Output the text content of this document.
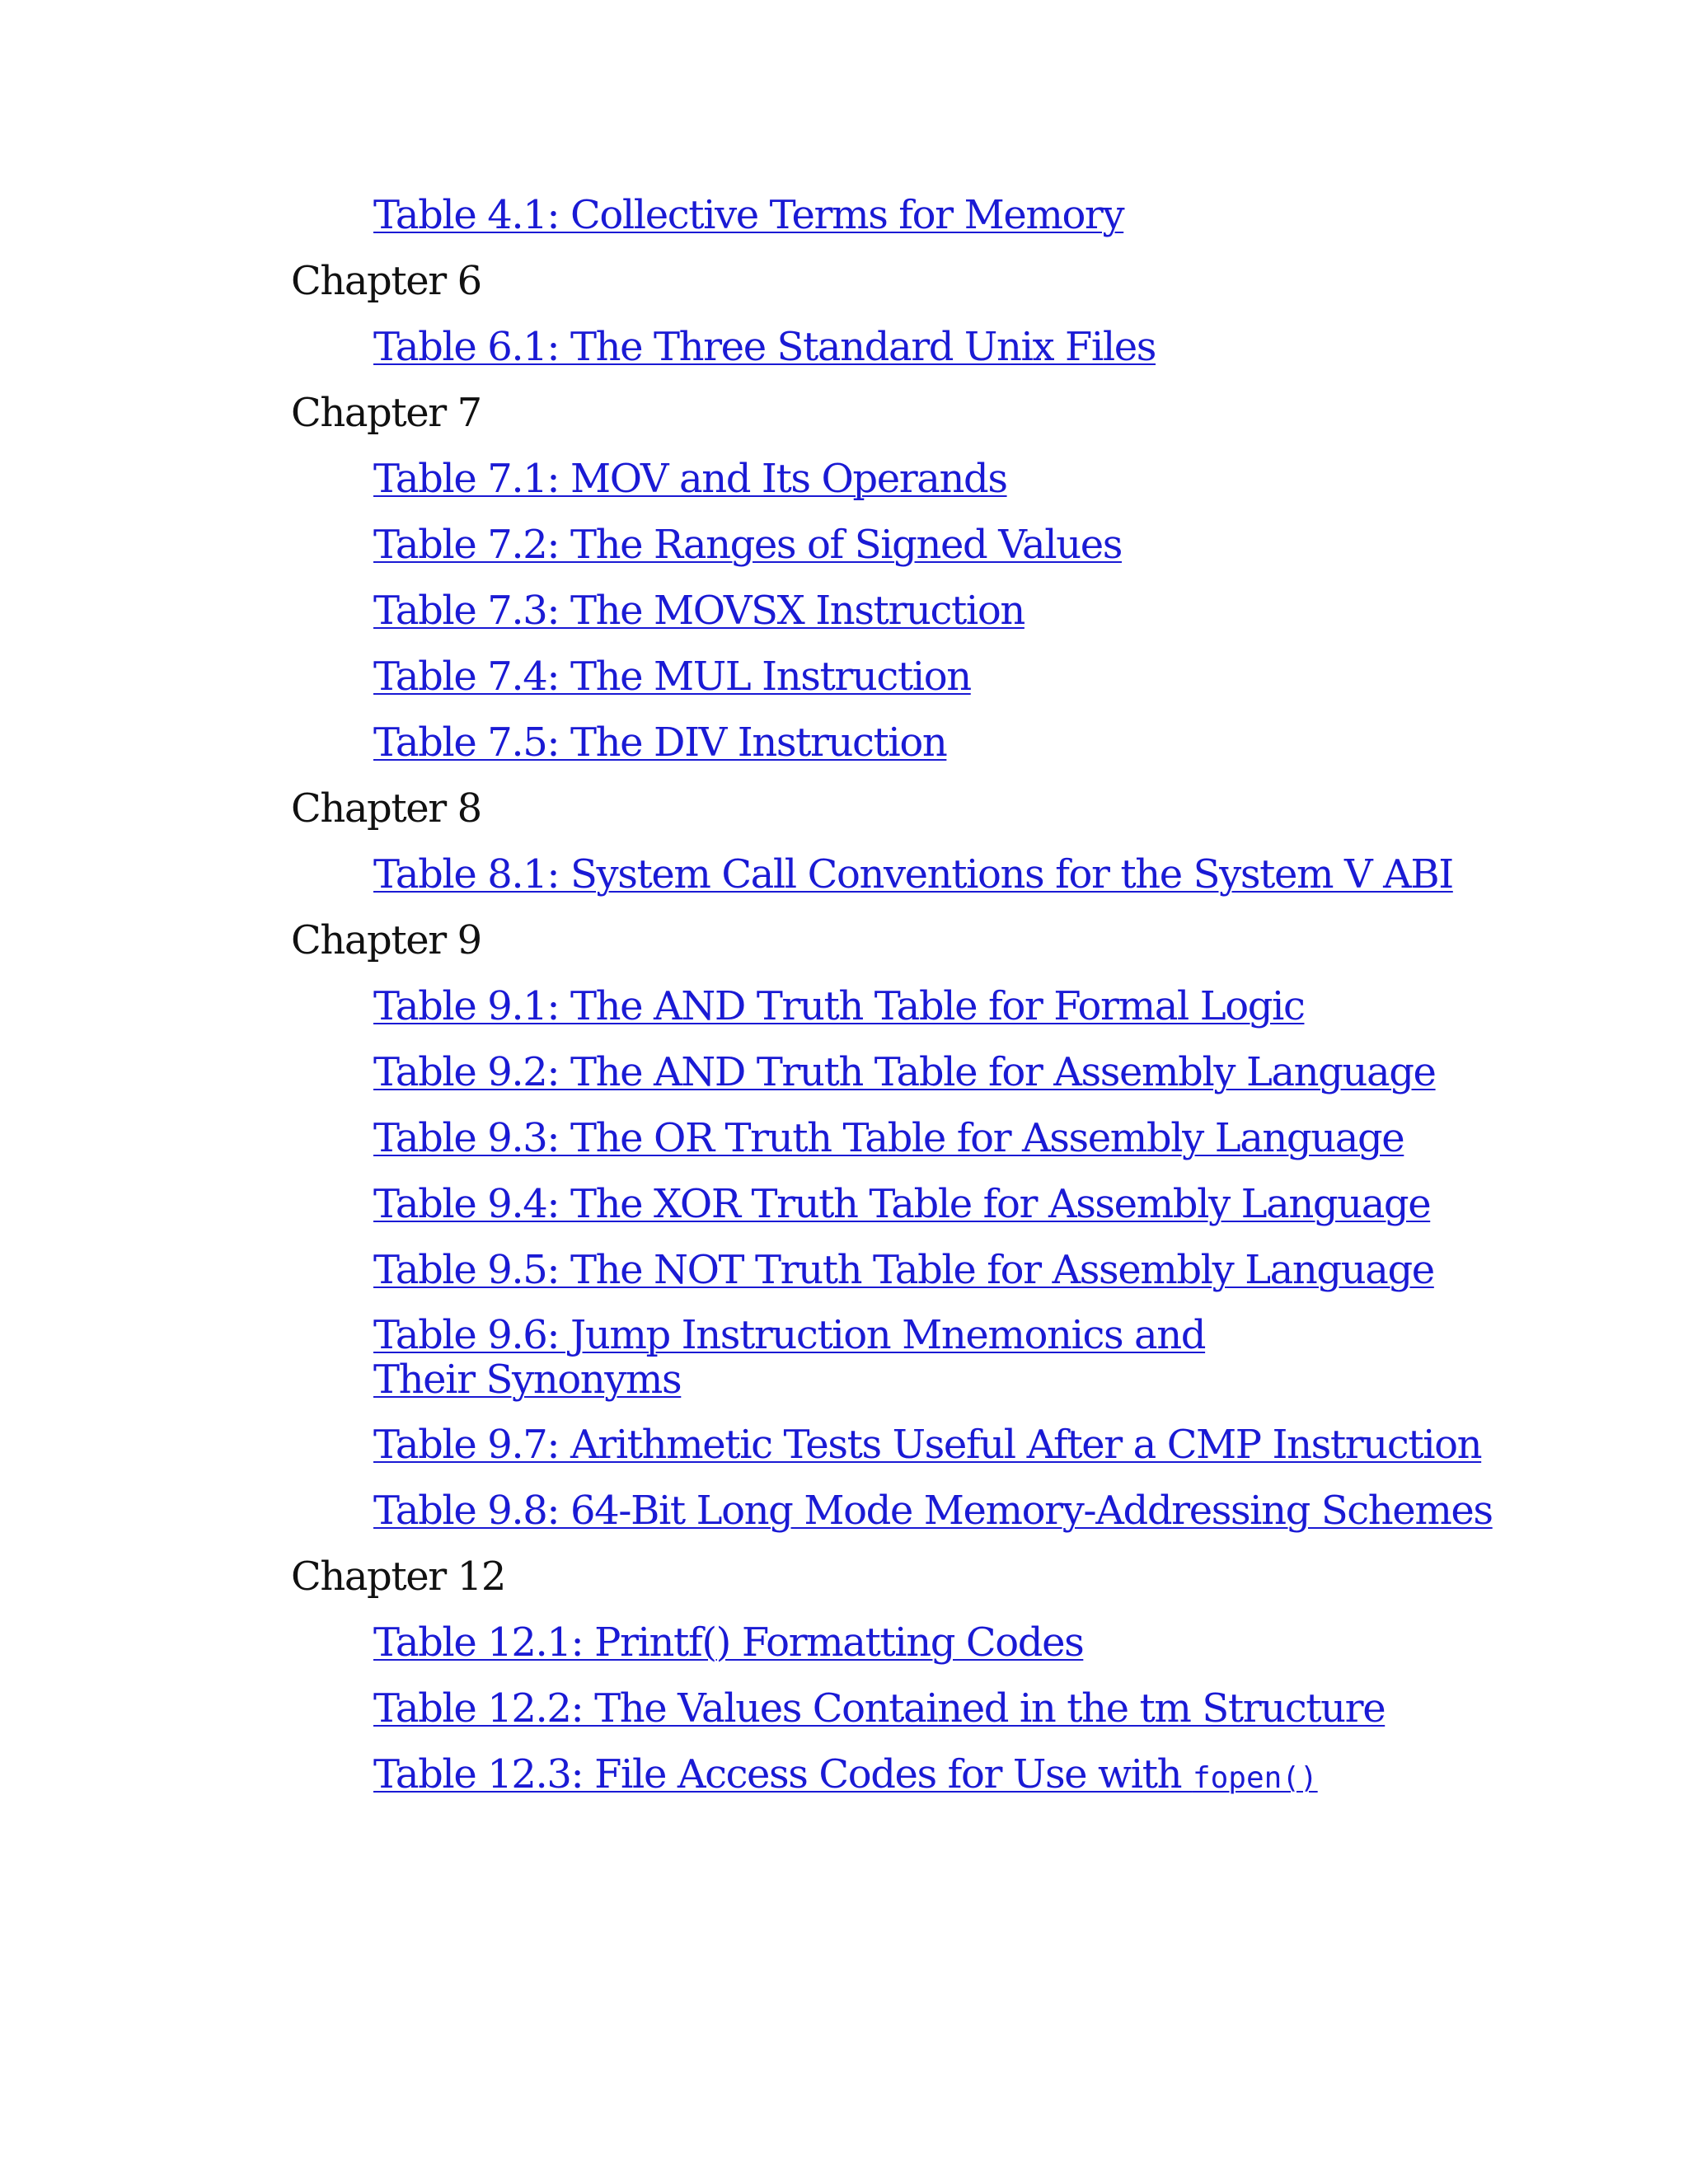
Table 4.1: Collective Terms for Memory
Chapter 6
Table 6.1: The Three Standard Unix Files
Chapter 7
Table 7.1: MOV and Its Operands
Table 7.2: The Ranges of Signed Values
Table 7.3: The MOVSX Instruction
Table 7.4: The MUL Instruction
Table 7.5: The DIV Instruction
Chapter 8
Table 8.1: System Call Conventions for the System V ABI
Chapter 9
Table 9.1: The AND Truth Table for Formal Logic
Table 9.2: The AND Truth Table for Assembly Language
Table 9.3: The OR Truth Table for Assembly Language
Table 9.4: The XOR Truth Table for Assembly Language
Table 9.5: The NOT Truth Table for Assembly Language
Table 9.6: Jump Instruction Mnemonics and Their Synonyms
Table 9.7: Arithmetic Tests Useful After a CMP Instruction
Table 9.8: 64-Bit Long Mode Memory-Addressing Schemes
Chapter 12
Table 12.1: Printf() Formatting Codes
Table 12.2: The Values Contained in the tm Structure
Table 12.3: File Access Codes for Use with fopen()
